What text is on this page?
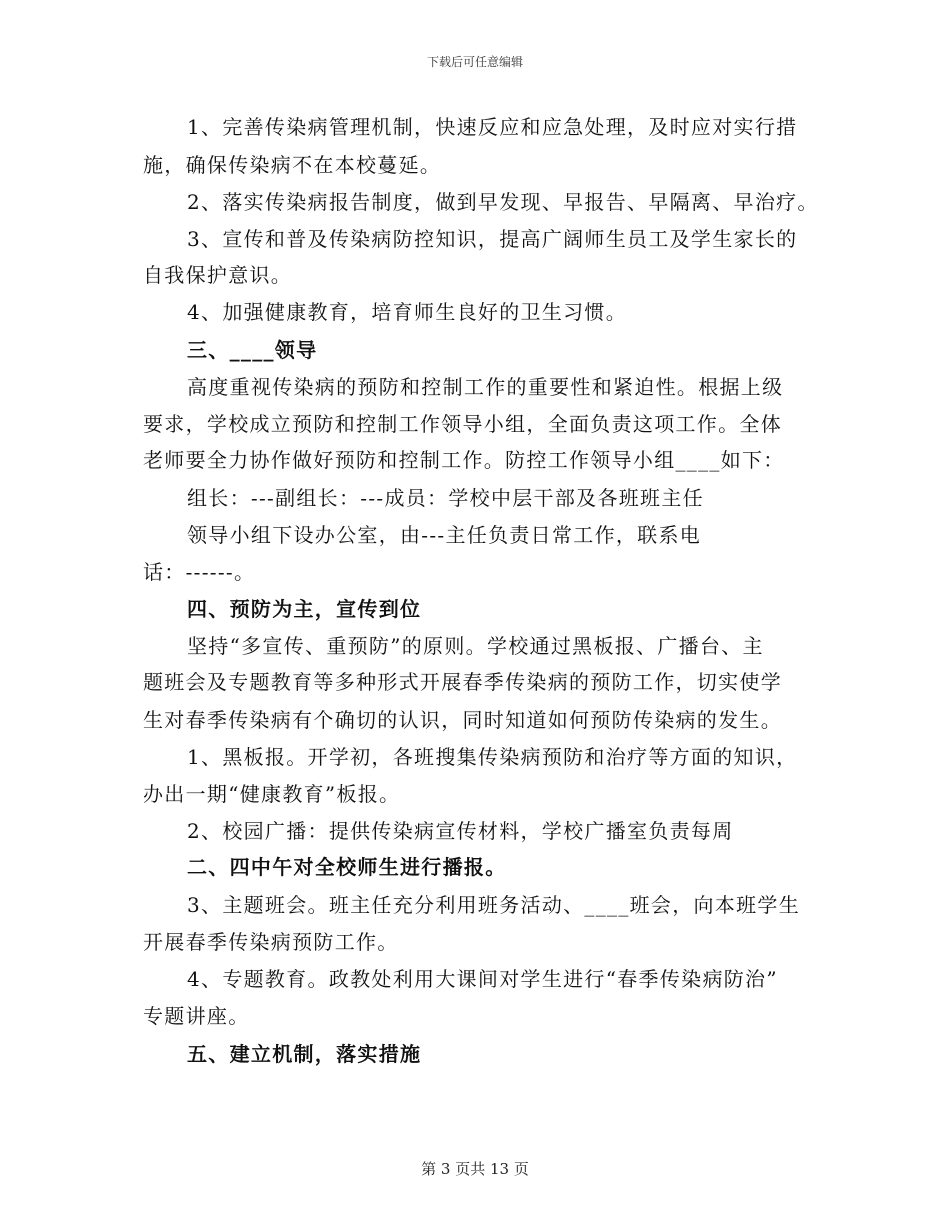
下载后可任意编辑
1、完善传染病管理机制，快速反应和应急处理，及时应对实行措
施，确保传染病不在本校蔓延。
2、落实传染病报告制度，做到早发现、早报告、早隔离、早治疗。
3、宣传和普及传染病防控知识，提高广阔师生员工及学生家长的
自我保护意识。
4、加强健康教育，培育师生良好的卫生习惯。
三、____领导
高度重视传染病的预防和控制工作的重要性和紧迫性。根据上级
要求，学校成立预防和控制工作领导小组，全面负责这项工作。全体
老师要全力协作做好预防和控制工作。防控工作领导小组____如下：
组长：---副组长：---成员：学校中层干部及各班班主任
领导小组下设办公室，由---主任负责日常工作，联系电
话：------。
四、预防为主，宣传到位
坚持“多宣传、重预防”的原则。学校通过黑板报、广播台、主
题班会及专题教育等多种形式开展春季传染病的预防工作，切实使学
生对春季传染病有个确切的认识，同时知道如何预防传染病的发生。
1、黑板报。开学初，各班搜集传染病预防和治疗等方面的知识，
办出一期“健康教育”板报。
2、校园广播：提供传染病宣传材料，学校广播室负责每周
二、四中午对全校师生进行播报。
3、主题班会。班主任充分利用班务活动、____班会，向本班学生
开展春季传染病预防工作。
4、专题教育。政教处利用大课间对学生进行“春季传染病防治”
专题讲座。
五、建立机制，落实措施
第 3 页共 13 页
